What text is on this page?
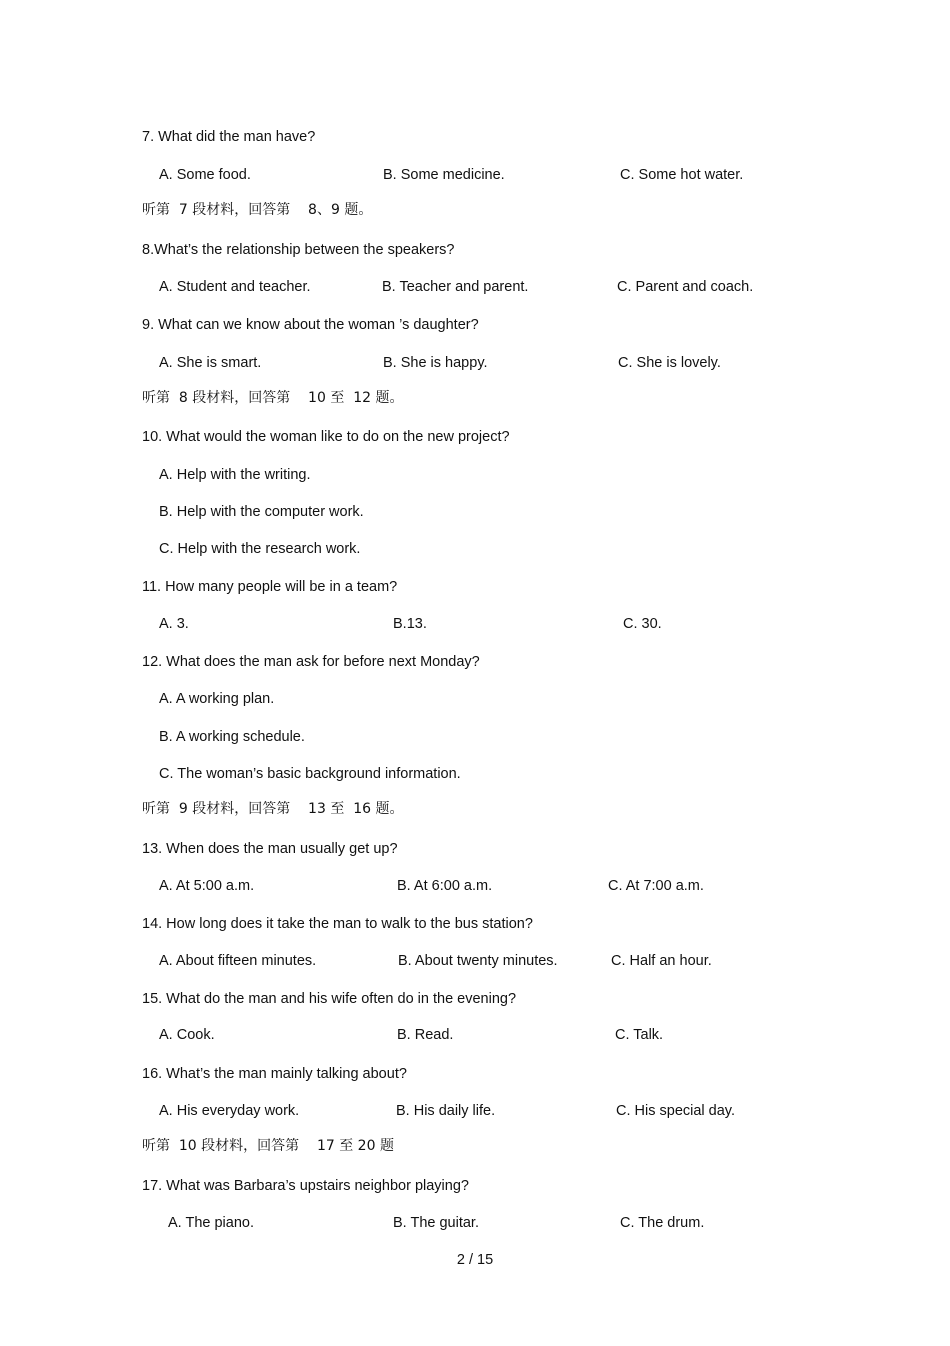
7. What did the man have?
A. Some food.	B. Some medicine.	C. Some hot water.
听第  7 段材料，回答第    8、9 题。
8.What’s the relationship between the speakers?
A. Student and teacher.	B. Teacher and parent.	C. Parent and coach.
9. What can we know about the woman ’s daughter?
A. She is smart.	B. She is happy.	C. She is lovely.
听第  8 段材料，回答第    10 至  12 题。
10. What would the woman like to do on the new project?
A. Help with the writing.
B. Help with the computer work.
C. Help with the research work.
11. How many people will be in a team?
A. 3.	B.13.	C. 30.
12. What does the man ask for before next Monday?
A. A working plan.
B. A working schedule.
C. The woman’s basic background information.
听第  9 段材料，回答第    13 至  16 题。
13. When does the man usually get up?
A. At 5:00 a.m.	B. At 6:00 a.m.	C. At 7:00 a.m.
14. How long does it take the man to walk to the bus station?
A. About fifteen minutes.	B. About twenty minutes.	C. Half an hour.
15. What do the man and his wife often do in the evening?
A. Cook.	B. Read.	C. Talk.
16. What’s the man mainly talking about?
A. His everyday work.	B. His daily life.	C. His special day.
听第  10 段材料，回答第    17 至 20 题
17. What was Barbara’s upstairs neighbor playing?
A. The piano.	B. The guitar.	C. The drum.
2 / 15
